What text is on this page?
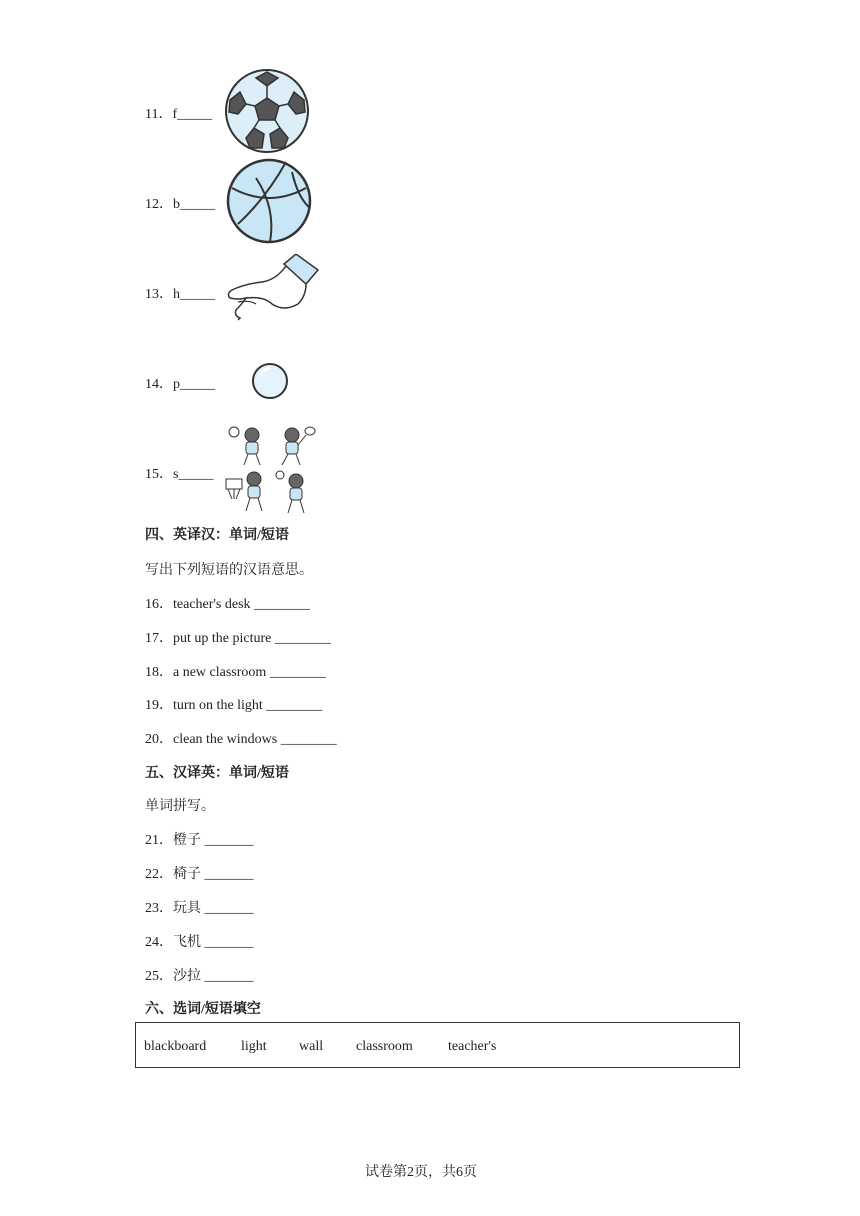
11．f_____
12．b_____
13．h_____
14．p_____
15．s_____
四、英译汉：单词/短语
写出下列短语的汉语意思。
16．teacher's desk ________
17．put up the picture ________
18．a new classroom ________
19．turn on the light ________
20．clean the windows ________
五、汉译英：单词/短语
单词拼写。
21．橙子 _______
22．椅子 _______
23．玩具 _______
24．飞机 _______
25．沙拉 _______
六、选词/短语填空
blackboard light wall classroom	teacher's
试卷第2页，共6页
